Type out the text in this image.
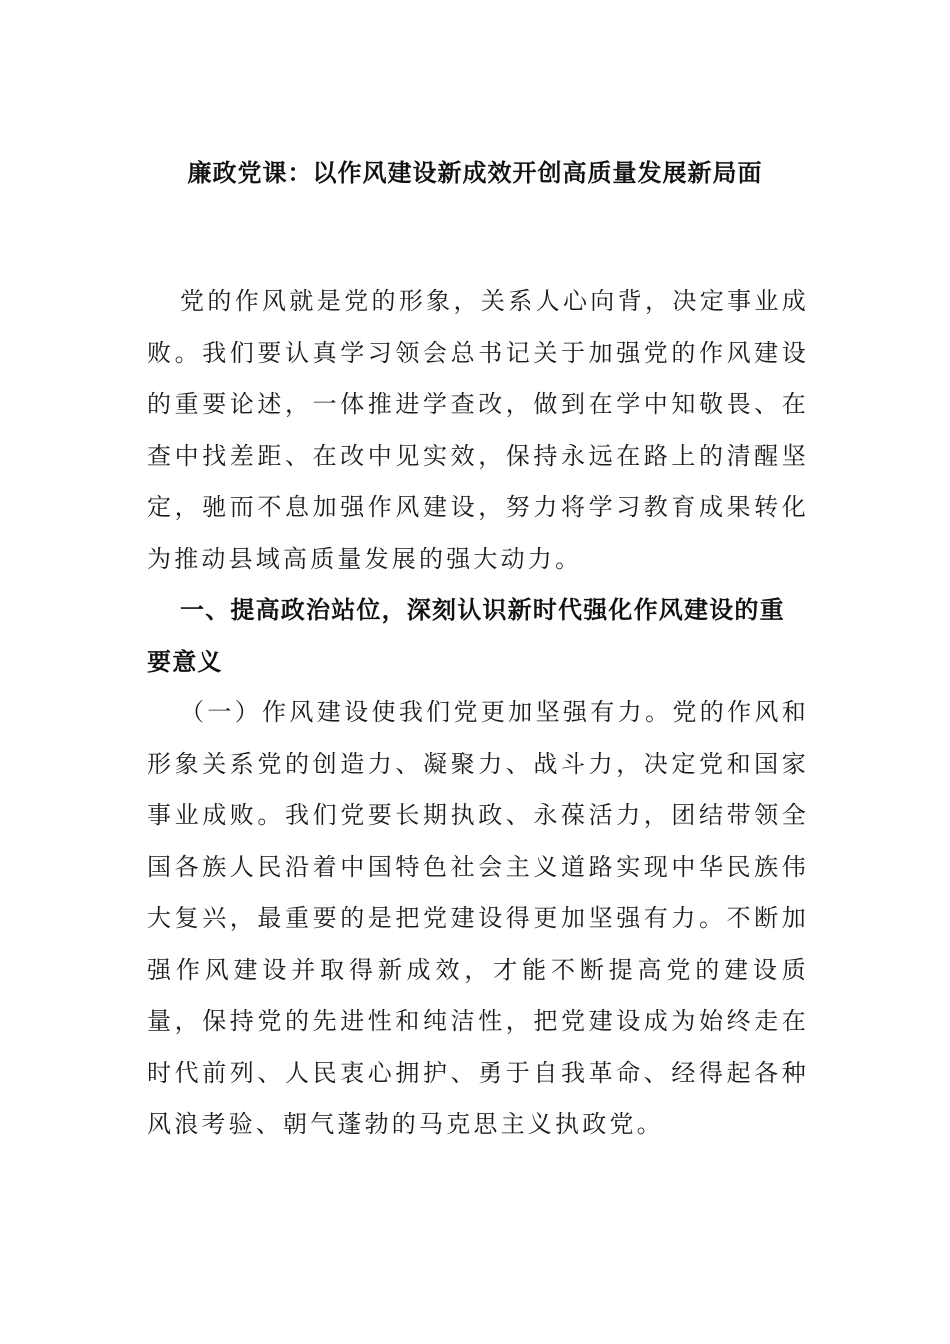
廉政党课：以作风建设新成效开创高质量发展新局面

党的作风就是党的形象，关系人心向背，决定事业成败。我们要认真学习领会总书记关于加强党的作风建设的重要论述，一体推进学查改，做到在学中知敬畏、在查中找差距、在改中见实效，保持永远在路上的清醒坚定，驰而不息加强作风建设，努力将学习教育成果转化为推动县域高质量发展的强大动力。

一、提高政治站位，深刻认识新时代强化作风建设的重要意义

（一）作风建设使我们党更加坚强有力。党的作风和形象关系党的创造力、凝聚力、战斗力，决定党和国家事业成败。我们党要长期执政、永葆活力，团结带领全国各族人民沿着中国特色社会主义道路实现中华民族伟大复兴，最重要的是把党建设得更加坚强有力。不断加强作风建设并取得新成效，才能不断提高党的建设质量，保持党的先进性和纯洁性，把党建设成为始终走在时代前列、人民衷心拥护、勇于自我革命、经得起各种风浪考验、朝气蓬勃的马克思主义执政党。
